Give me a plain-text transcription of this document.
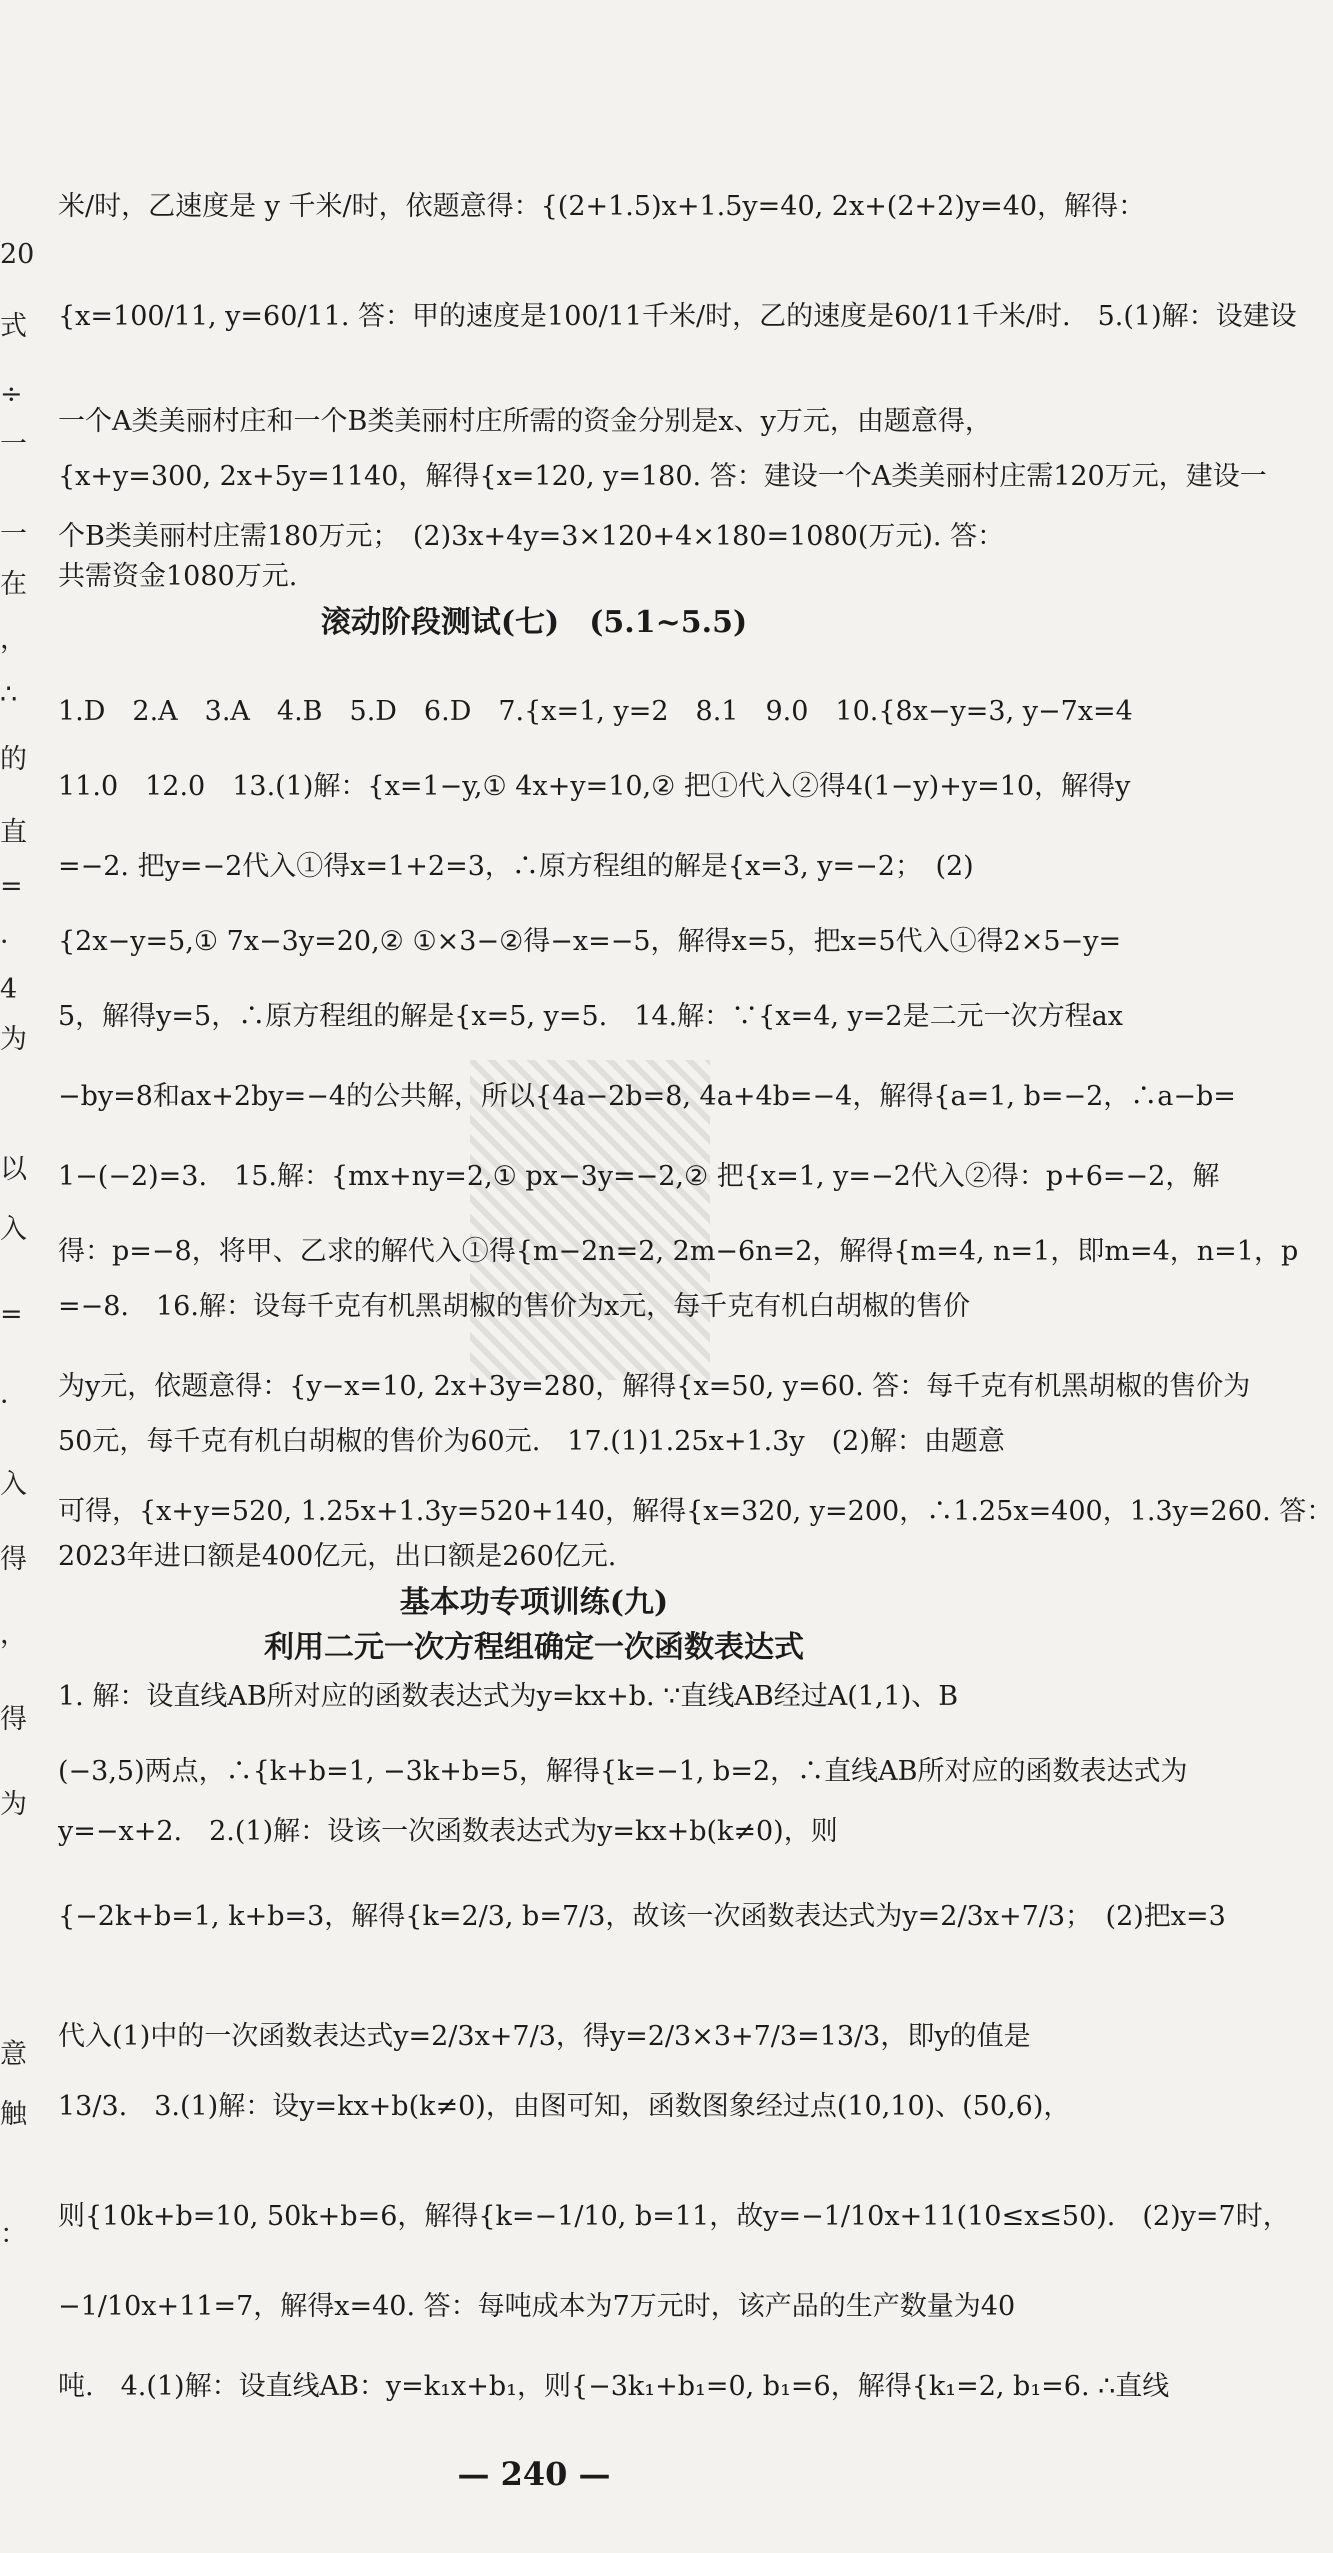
20
式
÷
一
一
在
，
∴
的
直
=
．
4
为
以
入
=
．
入
得
，
得
为
意
触
：
米/时，乙速度是 y 千米/时，依题意得：{(2+1.5)x+1.5y=40, 2x+(2+2)y=40，解得：
{x=100/11, y=60/11. 答：甲的速度是100/11千米/时，乙的速度是60/11千米/时.　5.(1)解：设建设
一个A类美丽村庄和一个B类美丽村庄所需的资金分别是x、y万元，由题意得，
{x+y=300, 2x+5y=1140，解得{x=120, y=180. 答：建设一个A类美丽村庄需120万元，建设一
个B类美丽村庄需180万元；　(2)3x+4y=3×120+4×180=1080(万元). 答：
共需资金1080万元.
滚动阶段测试(七)　(5.1~5.5)
1.D　2.A　3.A　4.B　5.D　6.D　7.{x=1, y=2　8.1　9.0　10.{8x−y=3, y−7x=4
11.0　12.0　13.(1)解：{x=1−y,① 4x+y=10,② 把①代入②得4(1−y)+y=10，解得y
=−2. 把y=−2代入①得x=1+2=3，∴原方程组的解是{x=3, y=−2；　(2)
{2x−y=5,① 7x−3y=20,② ①×3−②得−x=−5，解得x=5，把x=5代入①得2×5−y=
5，解得y=5，∴原方程组的解是{x=5, y=5.　14.解：∵{x=4, y=2是二元一次方程ax
−by=8和ax+2by=−4的公共解，所以{4a−2b=8, 4a+4b=−4，解得{a=1, b=−2，∴a−b=
1−(−2)=3.　15.解：{mx+ny=2,① px−3y=−2,② 把{x=1, y=−2代入②得：p+6=−2，解
得：p=−8，将甲、乙求的解代入①得{m−2n=2, 2m−6n=2，解得{m=4, n=1，即m=4，n=1，p
=−8.　16.解：设每千克有机黑胡椒的售价为x元，每千克有机白胡椒的售价
为y元，依题意得：{y−x=10, 2x+3y=280，解得{x=50, y=60. 答：每千克有机黑胡椒的售价为
50元，每千克有机白胡椒的售价为60元.　17.(1)1.25x+1.3y　(2)解：由题意
可得，{x+y=520, 1.25x+1.3y=520+140，解得{x=320, y=200，∴1.25x=400，1.3y=260. 答：
2023年进口额是400亿元，出口额是260亿元.
基本功专项训练(九)
利用二元一次方程组确定一次函数表达式
1. 解：设直线AB所对应的函数表达式为y=kx+b. ∵直线AB经过A(1,1)、B
(−3,5)两点，∴{k+b=1, −3k+b=5，解得{k=−1, b=2，∴直线AB所对应的函数表达式为
y=−x+2.　2.(1)解：设该一次函数表达式为y=kx+b(k≠0)，则
{−2k+b=1, k+b=3，解得{k=2/3, b=7/3，故该一次函数表达式为y=2/3x+7/3；　(2)把x=3
代入(1)中的一次函数表达式y=2/3x+7/3，得y=2/3×3+7/3=13/3，即y的值是
13/3.　3.(1)解：设y=kx+b(k≠0)，由图可知，函数图象经过点(10,10)、(50,6)，
则{10k+b=10, 50k+b=6，解得{k=−1/10, b=11，故y=−1/10x+11(10≤x≤50).　(2)y=7时，
−1/10x+11=7，解得x=40. 答：每吨成本为7万元时，该产品的生产数量为40
吨.　4.(1)解：设直线AB：y=k₁x+b₁，则{−3k₁+b₁=0, b₁=6，解得{k₁=2, b₁=6. ∴直线
— 240 —
